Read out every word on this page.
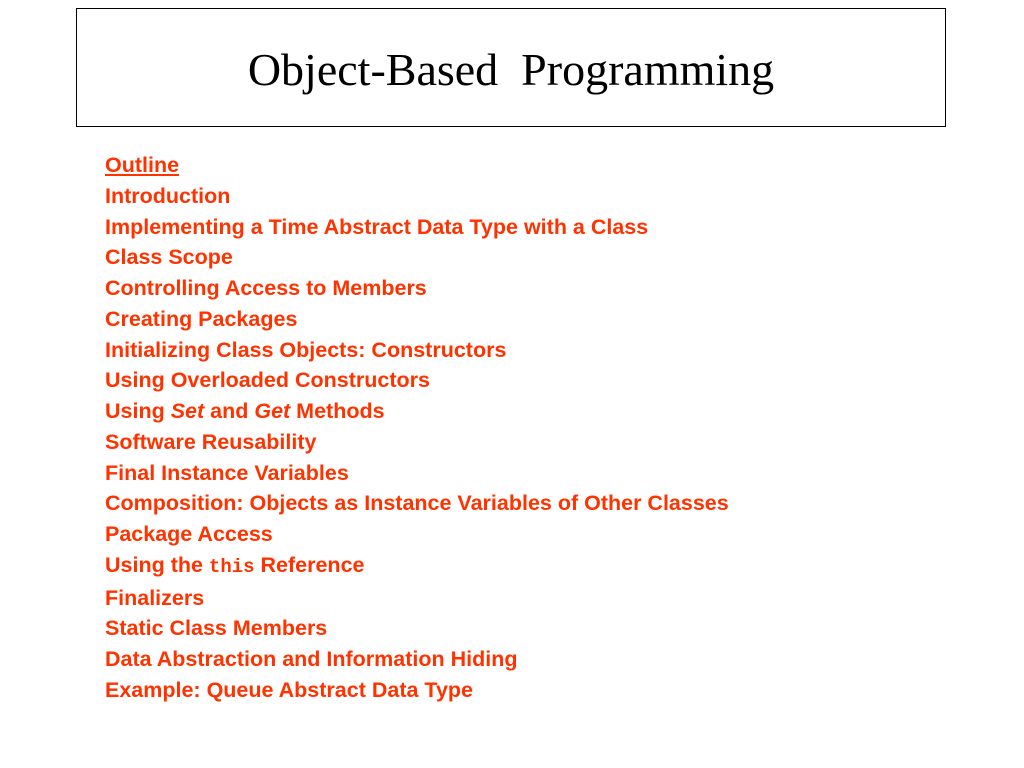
Object-Based  Programming
Outline
Introduction
Implementing a Time Abstract Data Type with a Class
Class Scope
Controlling Access to Members
Creating Packages
Initializing Class Objects: Constructors
Using Overloaded Constructors
Using Set and Get Methods
Software Reusability
Final Instance Variables
Composition: Objects as Instance Variables of Other Classes
Package Access
Using the this Reference
Finalizers
Static Class Members
Data Abstraction and Information Hiding
Example: Queue Abstract Data Type
